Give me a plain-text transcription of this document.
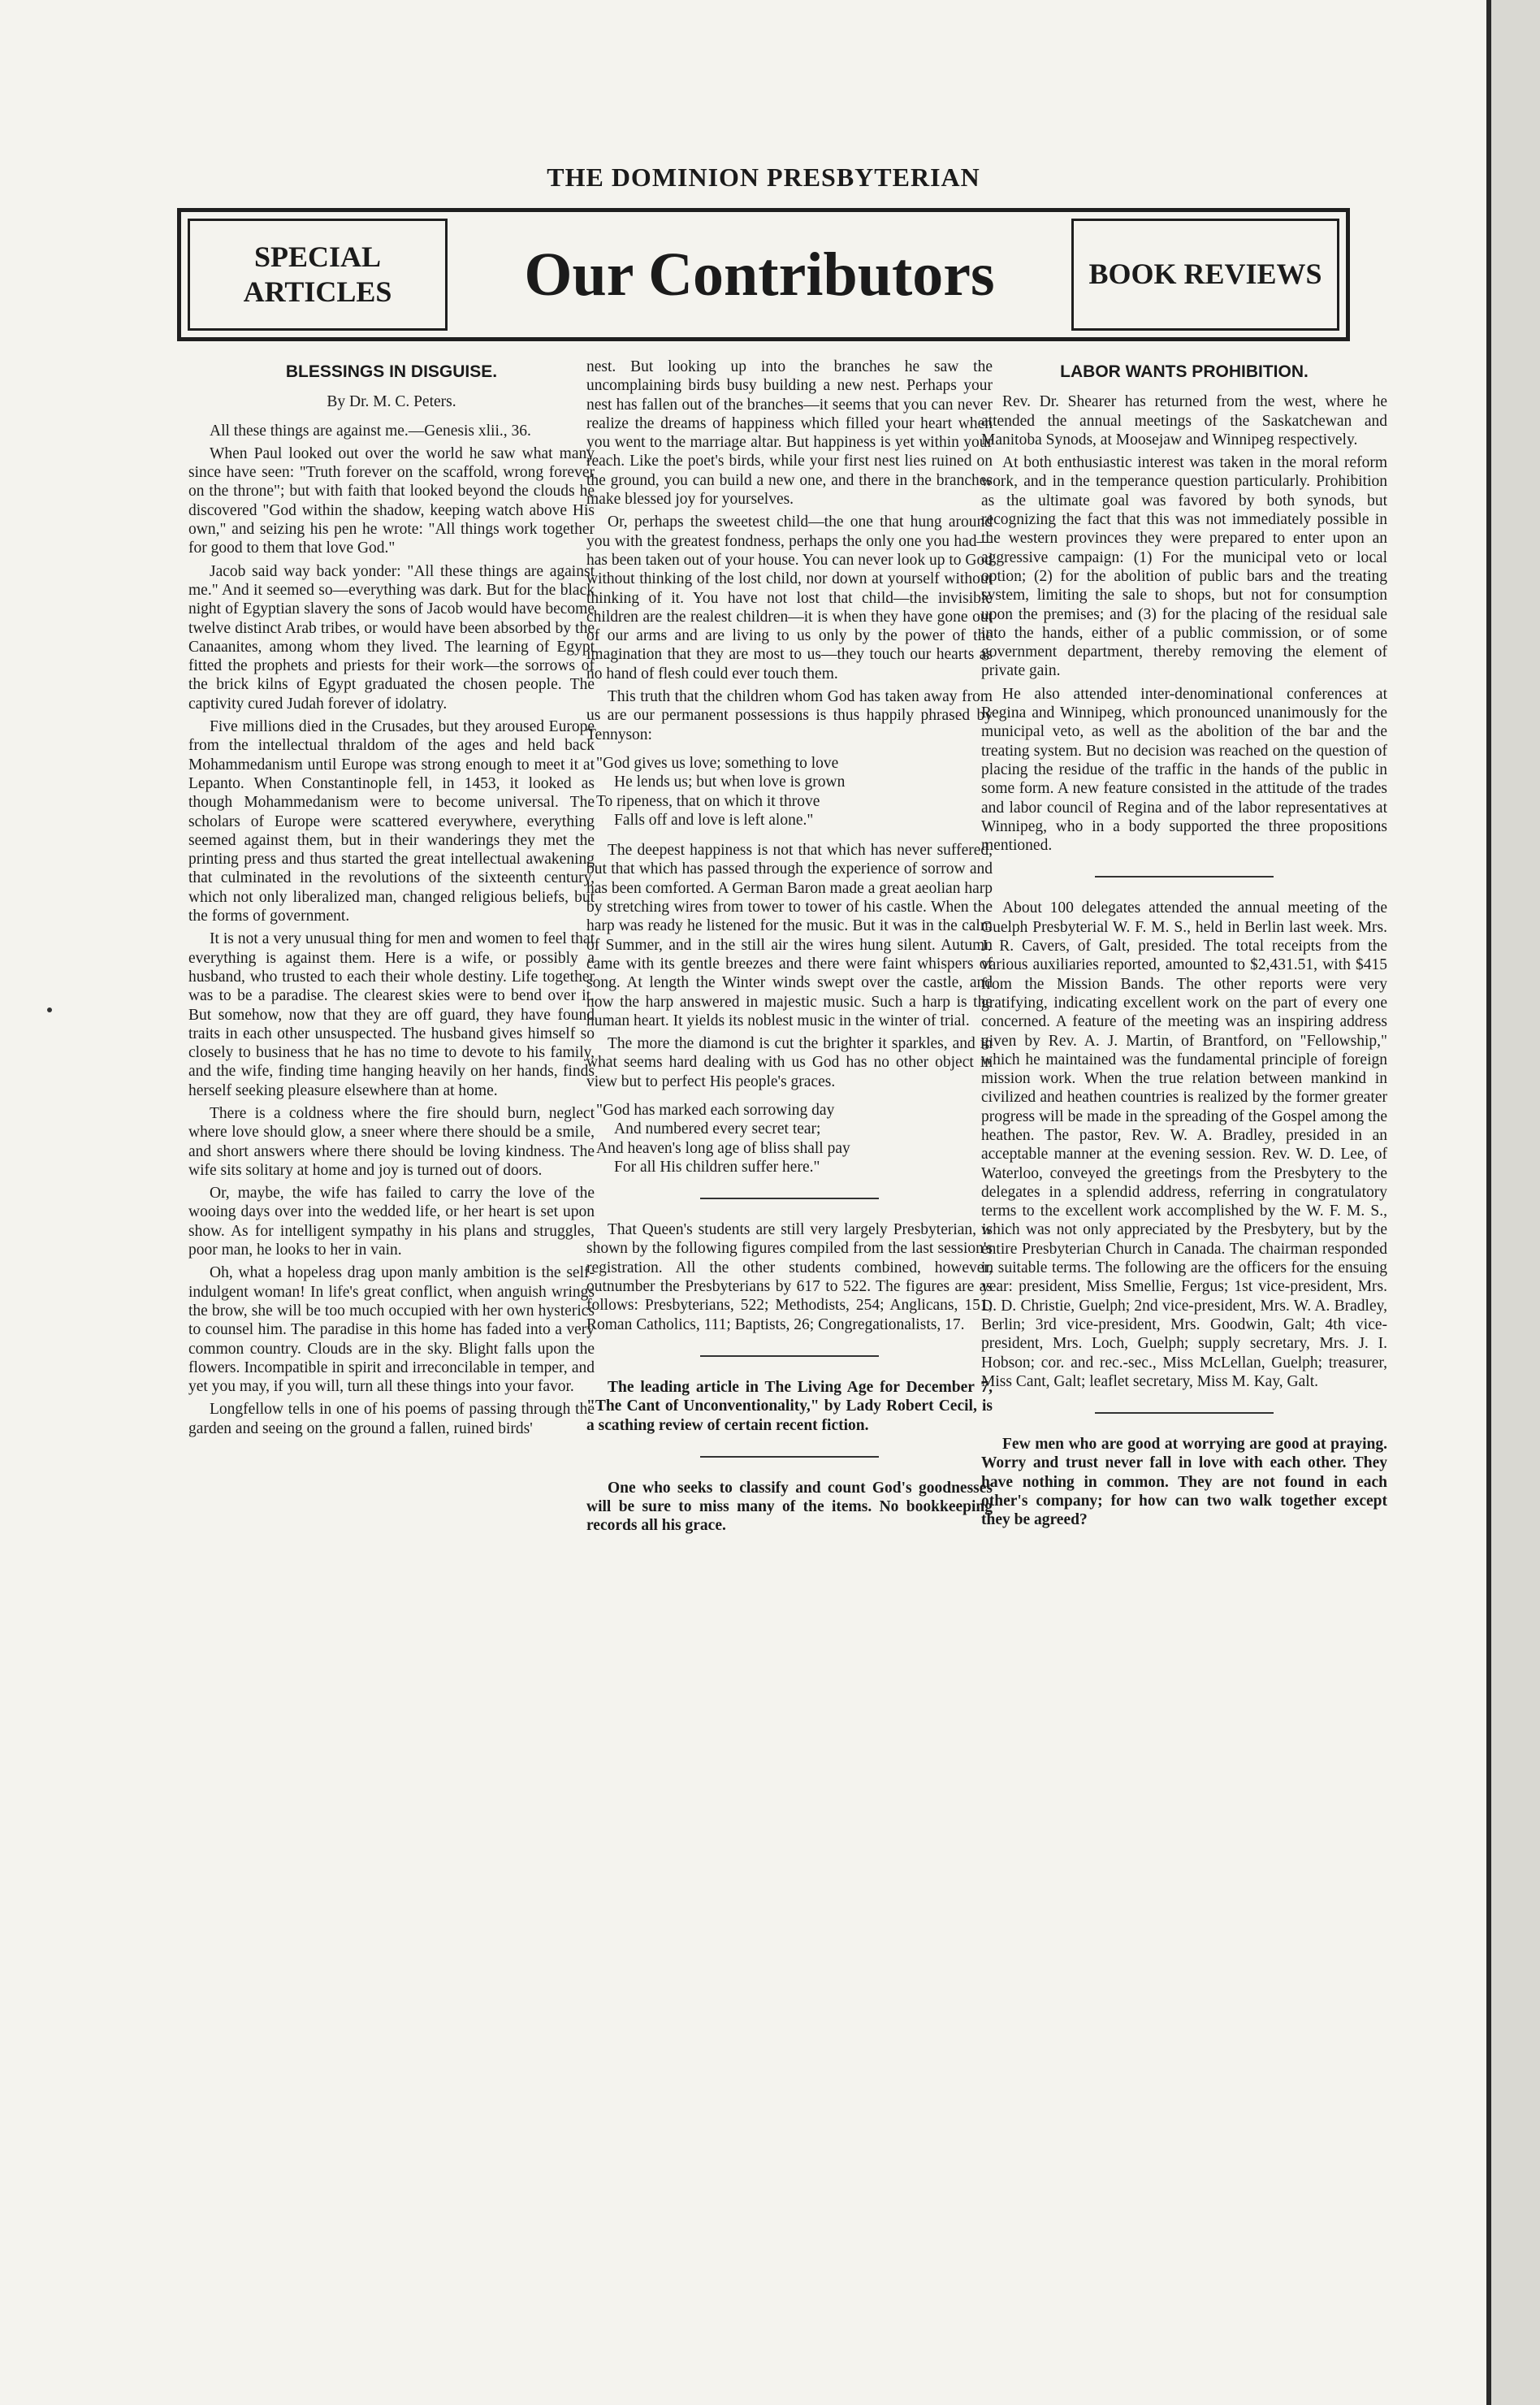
THE DOMINION PRESBYTERIAN
SPECIAL ARTICLES	Our Contributors	BOOK REVIEWS
BLESSINGS IN DISGUISE.
By Dr. M. C. Peters.

All these things are against me.—Genesis xlii., 36.

When Paul looked out over the world he saw what many since have seen: "Truth forever on the scaffold, wrong forever on the throne"; but with faith that looked beyond the clouds he discovered "God within the shadow, keeping watch above His own," and seizing his pen he wrote: "All things work together for good to them that love God."

Jacob said way back yonder: "All these things are against me." And it seemed so—everything was dark. But for the black night of Egyptian slavery the sons of Jacob would have become twelve distinct Arab tribes, or would have been absorbed by the Canaanites, among whom they lived. The learning of Egypt fitted the prophets and priests for their work—the sorrows of the brick kilns of Egypt graduated the chosen people. The captivity cured Judah forever of idolatry.

Five millions died in the Crusades, but they aroused Europe from the intellectual thraldom of the ages and held back Mohammedanism until Europe was strong enough to meet it at Lepanto. When Constantinople fell, in 1453, it looked as though Mohammedanism were to become universal. The scholars of Europe were scattered everywhere, everything seemed against them, but in their wanderings they met the printing press and thus started the great intellectual awakening that culminated in the revolutions of the sixteenth century, which not only liberalized man, changed religious beliefs, but the forms of government.

It is not a very unusual thing for men and women to feel that everything is against them. Here is a wife, or possibly a husband, who trusted to each their whole destiny. Life together was to be a paradise. The clearest skies were to bend over it. But somehow, now that they are off guard, they have found traits in each other unsuspected. The husband gives himself so closely to business that he has no time to devote to his family, and the wife, finding time hanging heavily on her hands, finds herself seeking pleasure elsewhere than at home.

There is a coldness where the fire should burn, neglect where love should glow, a sneer where there should be a smile, and short answers where there should be loving kindness. The wife sits solitary at home and joy is turned out of doors.

Or, maybe, the wife has failed to carry the love of the wooing days over into the wedded life, or her heart is set upon show. As for intelligent sympathy in his plans and struggles, poor man, he looks to her in vain.

Oh, what a hopeless drag upon manly ambition is the self-indulgent woman! In life's great conflict, when anguish wrings the brow, she will be too much occupied with her own hysterics to counsel him. The paradise in this home has faded into a very common country. Clouds are in the sky. Blight falls upon the flowers. Incompatible in spirit and irreconcilable in temper, and yet you may, if you will, turn all these things into your favor.

Longfellow tells in one of his poems of passing through the garden and seeing on the ground a fallen, ruined birds'

nest. But looking up into the branches he saw the uncomplaining birds busy building a new nest. Perhaps your nest has fallen out of the branches—it seems that you can never realize the dreams of happiness which filled your heart when you went to the marriage altar. But happiness is yet within your reach. Like the poet's birds, while your first nest lies ruined on the ground, you can build a new one, and there in the branches make blessed joy for yourselves.

Or, perhaps the sweetest child—the one that hung around you with the greatest fondness, perhaps the only one you had—has been taken out of your house. You can never look up to God without thinking of the lost child, nor down at yourself without thinking of it. You have not lost that child—the invisible children are the realest children—it is when they have gone out of our arms and are living to us only by the power of the imagination that they are most to us—they touch our hearts as no hand of flesh could ever touch them.

This truth that the children whom God has taken away from us are our permanent possessions is thus happily phrased by Tennyson:

"God gives us love; something to love
He lends us; but when love is grown
To ripeness, that on which it throve
Falls off and love is left alone."

The deepest happiness is not that which has never suffered, but that which has passed through the experience of sorrow and has been comforted. A German Baron made a great aeolian harp by stretching wires from tower to tower of his castle. When the harp was ready he listened for the music. But it was in the calm of Summer, and in the still air the wires hung silent. Autumn came with its gentle breezes and there were faint whispers of song. At length the Winter winds swept over the castle, and now the harp answered in majestic music. Such a harp is the human heart. It yields its noblest music in the winter of trial.

The more the diamond is cut the brighter it sparkles, and in what seems hard dealing with us God has no other object in view but to perfect His people's graces.

"God has marked each sorrowing day
And numbered every secret tear;
And heaven's long age of bliss shall pay
For all His children suffer here."

That Queen's students are still very largely Presbyterian, is shown by the following figures compiled from the last session's registration. All the other students combined, however, outnumber the Presbyterians by 617 to 522. The figures are as follows: Presbyterians, 522; Methodists, 254; Anglicans, 151; Roman Catholics, 111; Baptists, 26; Congregationalists, 17.

The leading article in The Living Age for December 7, "The Cant of Unconventionality," by Lady Robert Cecil, is a scathing review of certain recent fiction.

One who seeks to classify and count God's goodnesses will be sure to miss many of the items. No bookkeeping records all his grace.

LABOR WANTS PROHIBITION.

Rev. Dr. Shearer has returned from the west, where he attended the annual meetings of the Saskatchewan and Manitoba Synods, at Moosejaw and Winnipeg respectively.

At both enthusiastic interest was taken in the moral reform work, and in the temperance question particularly. Prohibition as the ultimate goal was favored by both synods, but recognizing the fact that this was not immediately possible in the western provinces they were prepared to enter upon an aggressive campaign: (1) For the municipal veto or local option; (2) for the abolition of public bars and the treating system, limiting the sale to shops, but not for consumption upon the premises; and (3) for the placing of the residual sale into the hands, either of a public commission, or of some government department, thereby removing the element of private gain.

He also attended inter-denominational conferences at Regina and Winnipeg, which pronounced unanimously for the municipal veto, as well as the abolition of the bar and the treating system. But no decision was reached on the question of placing the residue of the traffic in the hands of the public in some form. A new feature consisted in the attitude of the trades and labor council of Regina and of the labor representatives at Winnipeg, who in a body supported the three propositions mentioned.

About 100 delegates attended the annual meeting of the Guelph Presbyterial W. F. M. S., held in Berlin last week. Mrs. J. R. Cavers, of Galt, presided. The total receipts from the various auxiliaries reported, amounted to $2,431.51, with $415 from the Mission Bands. The other reports were very gratifying, indicating excellent work on the part of every one concerned. A feature of the meeting was an inspiring address given by Rev. A. J. Martin, of Brantford, on "Fellowship," which he maintained was the fundamental principle of foreign mission work. When the true relation between mankind in civilized and heathen countries is realized by the former greater progress will be made in the spreading of the Gospel among the heathen. The pastor, Rev. W. A. Bradley, presided in an acceptable manner at the evening session. Rev. W. D. Lee, of Waterloo, conveyed the greetings from the Presbytery to the delegates in a splendid address, referring in congratulatory terms to the excellent work accomplished by the W. F. M. S., which was not only appreciated by the Presbytery, but by the entire Presbyterian Church in Canada. The chairman responded in suitable terms. The following are the officers for the ensuing year: president, Miss Smellie, Fergus; 1st vice-president, Mrs. D. D. Christie, Guelph; 2nd vice-president, Mrs. W. A. Bradley, Berlin; 3rd vice-president, Mrs. Goodwin, Galt; 4th vice-president, Mrs. Loch, Guelph; supply secretary, Mrs. J. I. Hobson; cor. and rec.-sec., Miss McLellan, Guelph; treasurer, Miss Cant, Galt; leaflet secretary, Miss M. Kay, Galt.

Few men who are good at worrying are good at praying. Worry and trust never fall in love with each other. They have nothing in common. They are not found in each other's company; for how can two walk together except they be agreed?
